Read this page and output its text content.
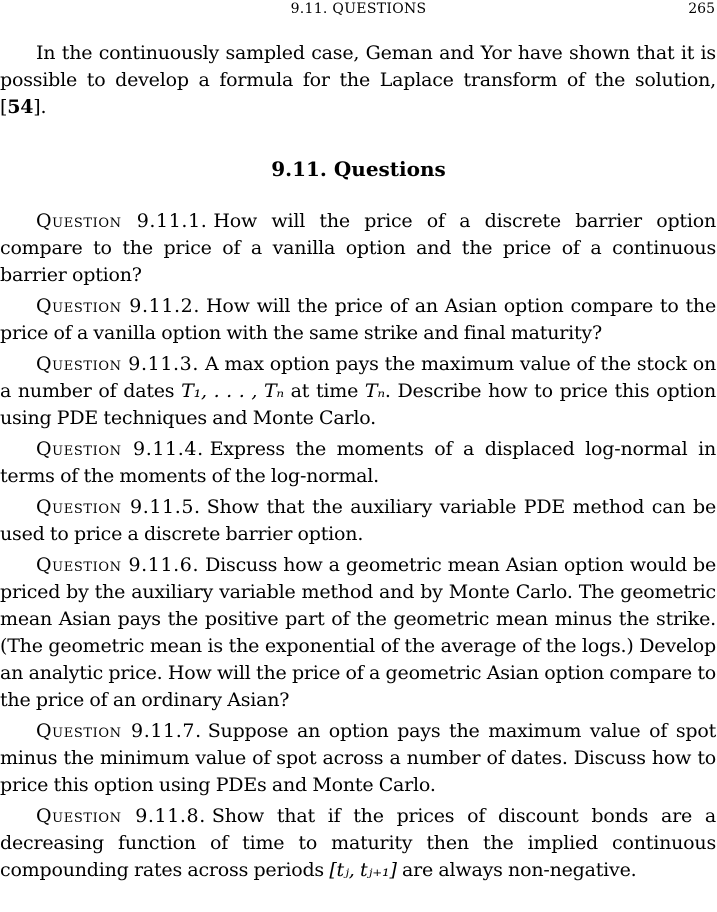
9.11. QUESTIONS	265

In the continuously sampled case, Geman and Yor have shown that it is possible to develop a formula for the Laplace transform of the solution, [54].

9.11. Questions

Question 9.11.1. How will the price of a discrete barrier option compare to the price of a vanilla option and the price of a continuous barrier option?

Question 9.11.2. How will the price of an Asian option compare to the price of a vanilla option with the same strike and final maturity?

Question 9.11.3. A max option pays the maximum value of the stock on a number of dates T₁, . . . , Tₙ at time Tₙ. Describe how to price this option using PDE techniques and Monte Carlo.

Question 9.11.4. Express the moments of a displaced log-normal in terms of the moments of the log-normal.

Question 9.11.5. Show that the auxiliary variable PDE method can be used to price a discrete barrier option.

Question 9.11.6. Discuss how a geometric mean Asian option would be priced by the auxiliary variable method and by Monte Carlo. The geometric mean Asian pays the positive part of the geometric mean minus the strike. (The geometric mean is the exponential of the average of the logs.) Develop an analytic price. How will the price of a geometric Asian option compare to the price of an ordinary Asian?

Question 9.11.7. Suppose an option pays the maximum value of spot minus the minimum value of spot across a number of dates. Discuss how to price this option using PDEs and Monte Carlo.

Question 9.11.8. Show that if the prices of discount bonds are a decreasing function of time to maturity then the implied continuous compounding rates across periods [tⱼ, tⱼ₊₁] are always non-negative.
